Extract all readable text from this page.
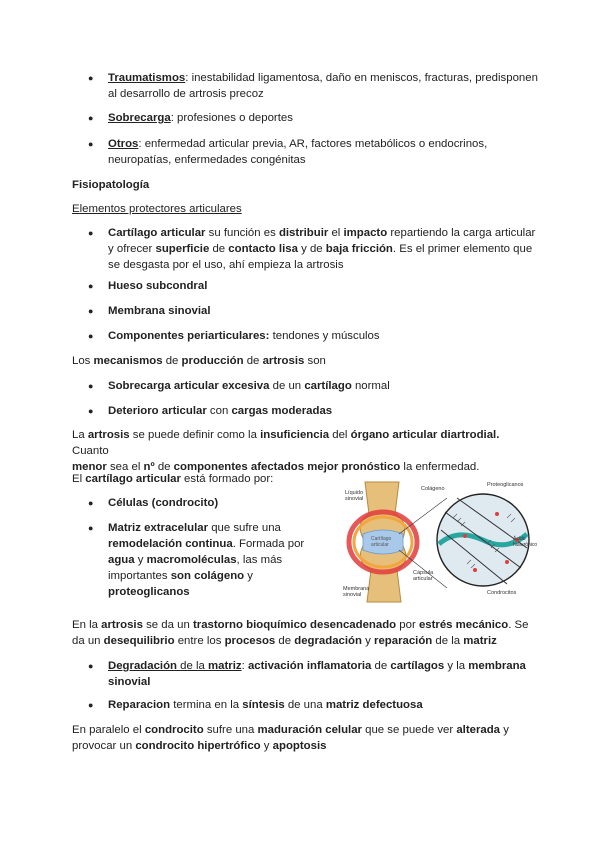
● Traumatismos: inestabilidad ligamentosa, daño en meniscos, fracturas, predisponen
al desarrollo de artrosis precoz
● Sobrecarga: profesiones o deportes
● Otros: enfermedad articular previa, AR, factores metabólicos o endocrinos,
neuropatías, enfermedades congénitas
Fisiopatología
Elementos protectores articulares
● Cartílago articular su función es distribuir el impacto repartiendo la carga articular
y ofrecer superficie de contacto lisa y de baja fricción. Es el primer elemento que
se desgasta por el uso, ahí empieza la artrosis
● Hueso subcondral
● Membrana sinovial
● Componentes periarticulares: tendones y músculos
Los mecanismos de producción de artrosis son
● Sobrecarga articular excesiva de un cartílago normal
● Deterioro articular con cargas moderadas
La artrosis se puede definir como la insuficiencia del órgano articular diartrodial. Cuanto
menor sea el nº de componentes afectados mejor pronóstico la enfermedad.
El cartílago articular está formado por:
● Células (condrocito)
● Matriz extracelular que sufre una
remodelación continua. Formada por
agua y macromoléculas, las más
importantes son colágeno y
proteoglicanos
Cartílago
articular
Líquido
sinovial
Colágeno
Proteoglicanos
Ácido
hialurónico
Membrana
sinovial
Cápsula
articular
Condrocitos
En la artrosis se da un trastorno bioquímico desencadenado por estrés mecánico. Se
da un desequilibrio entre los procesos de degradación y reparación de la matriz
● Degradación de la matriz: activación inflamatoria de cartílagos y la membrana
sinovial
● Reparacion termina en la síntesis de una matriz defectuosa
En paralelo el condrocito sufre una maduración celular que se puede ver alterada y
provocar un condrocito hipertrófico y apoptosis
